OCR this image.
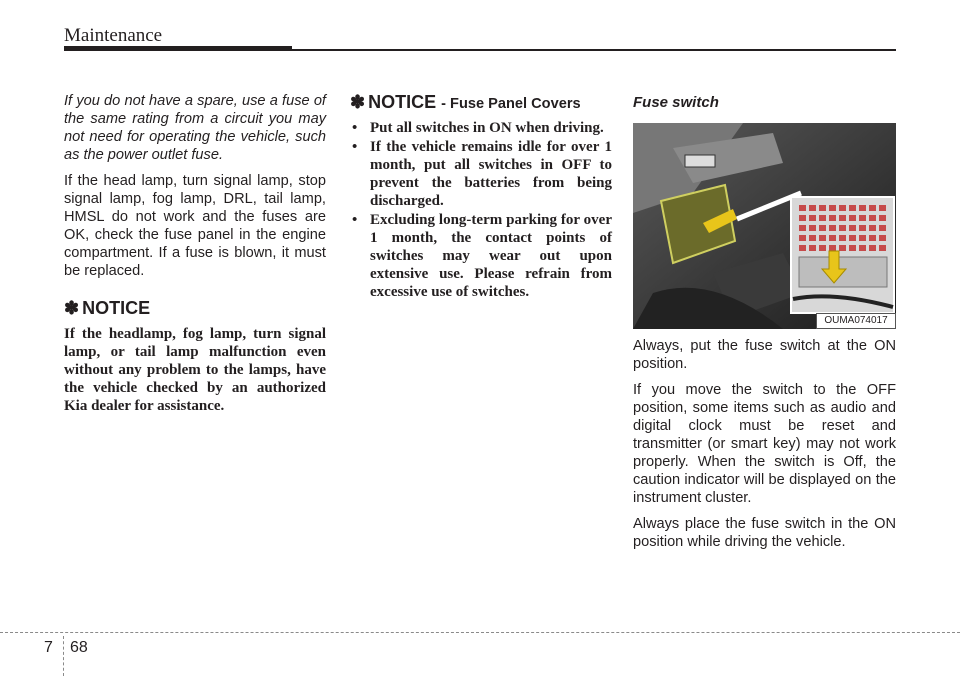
Maintenance

If you do not have a spare, use a fuse of the same rating from a circuit you may not need for operating the vehicle, such as the power outlet fuse.

If the head lamp, turn signal lamp, stop signal lamp, fog lamp, DRL, tail lamp, HMSL do not work and the fuses are OK, check the fuse panel in the engine compartment. If a fuse is blown, it must be replaced.

✽ NOTICE

If the headlamp, fog lamp, turn signal lamp, or tail lamp malfunction even without any problem to the lamps, have the vehicle checked by an authorized Kia dealer for assistance.

✽ NOTICE - Fuse Panel Covers
• Put all switches in ON when driving.
• If the vehicle remains idle for over 1 month, put all switches in OFF to prevent the batteries from being discharged.
• Excluding long-term parking for over 1 month, the contact points of switches may wear out upon extensive use. Please refrain from excessive use of switches.
Fuse switch
OUMA074017

Always, put the fuse switch at the ON position.

If you move the switch to the OFF position, some items such as audio and digital clock must be reset and transmitter (or smart key) may not work properly. When the switch is Off, the caution indicator will be displayed on the instrument cluster.

Always place the fuse switch in the ON position while driving the vehicle.

7 68
